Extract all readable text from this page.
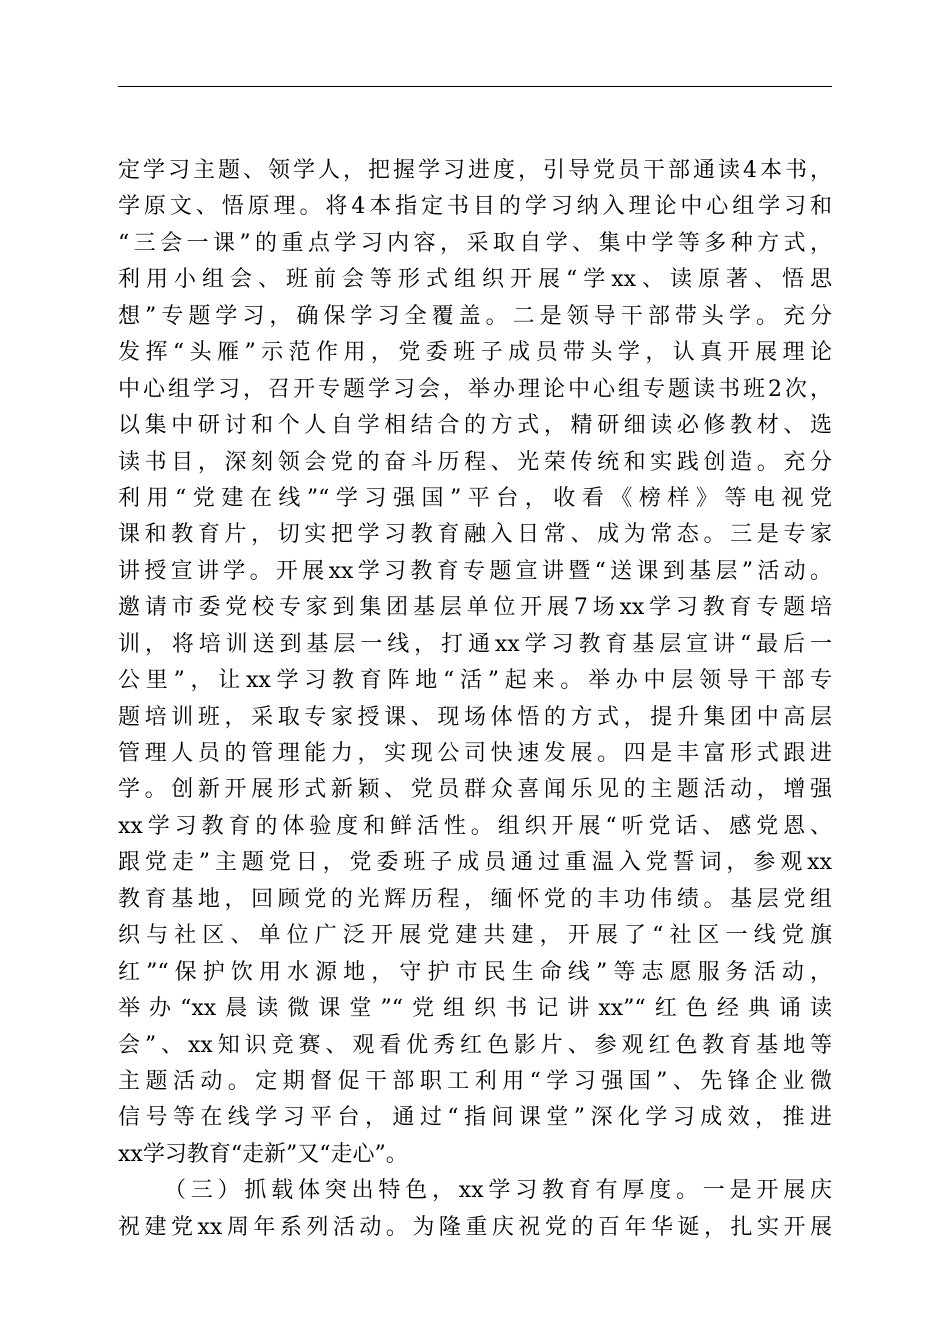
定学习主题、领学人，把握学习进度，引导党员干部通读4本书，
学原文、悟原理。将4本指定书目的学习纳入理论中心组学习和
“三会一课”的重点学习内容，采取自学、集中学等多种方式，
利用小组会、班前会等形式组织开展“学xx、读原著、悟思
想”专题学习，确保学习全覆盖。二是领导干部带头学。充分
发挥“头雁”示范作用，党委班子成员带头学，认真开展理论
中心组学习，召开专题学习会，举办理论中心组专题读书班2次，
以集中研讨和个人自学相结合的方式，精研细读必修教材、选
读书目，深刻领会党的奋斗历程、光荣传统和实践创造。充分
利用“党建在线”“学习强国”平台，收看《榜样》等电视党
课和教育片，切实把学习教育融入日常、成为常态。三是专家
讲授宣讲学。开展xx学习教育专题宣讲暨“送课到基层”活动。
邀请市委党校专家到集团基层单位开展7场xx学习教育专题培
训，将培训送到基层一线，打通xx学习教育基层宣讲“最后一
公里”，让xx学习教育阵地“活”起来。举办中层领导干部专
题培训班，采取专家授课、现场体悟的方式，提升集团中高层
管理人员的管理能力，实现公司快速发展。四是丰富形式跟进
学。创新开展形式新颖、党员群众喜闻乐见的主题活动，增强
xx学习教育的体验度和鲜活性。组织开展“听党话、感党恩、
跟党走”主题党日，党委班子成员通过重温入党誓词，参观xx
教育基地，回顾党的光辉历程，缅怀党的丰功伟绩。基层党组
织与社区、单位广泛开展党建共建，开展了“社区一线党旗
红”“保护饮用水源地，守护市民生命线”等志愿服务活动，
举办“xx晨读微课堂”“党组织书记讲xx”“红色经典诵读
会”、xx知识竞赛、观看优秀红色影片、参观红色教育基地等
主题活动。定期督促干部职工利用“学习强国”、先锋企业微
信号等在线学习平台，通过“指间课堂”深化学习成效，推进
xx学习教育“走新”又“走心”。
（三）抓载体突出特色，xx学习教育有厚度。一是开展庆
祝建党xx周年系列活动。为隆重庆祝党的百年华诞，扎实开展
